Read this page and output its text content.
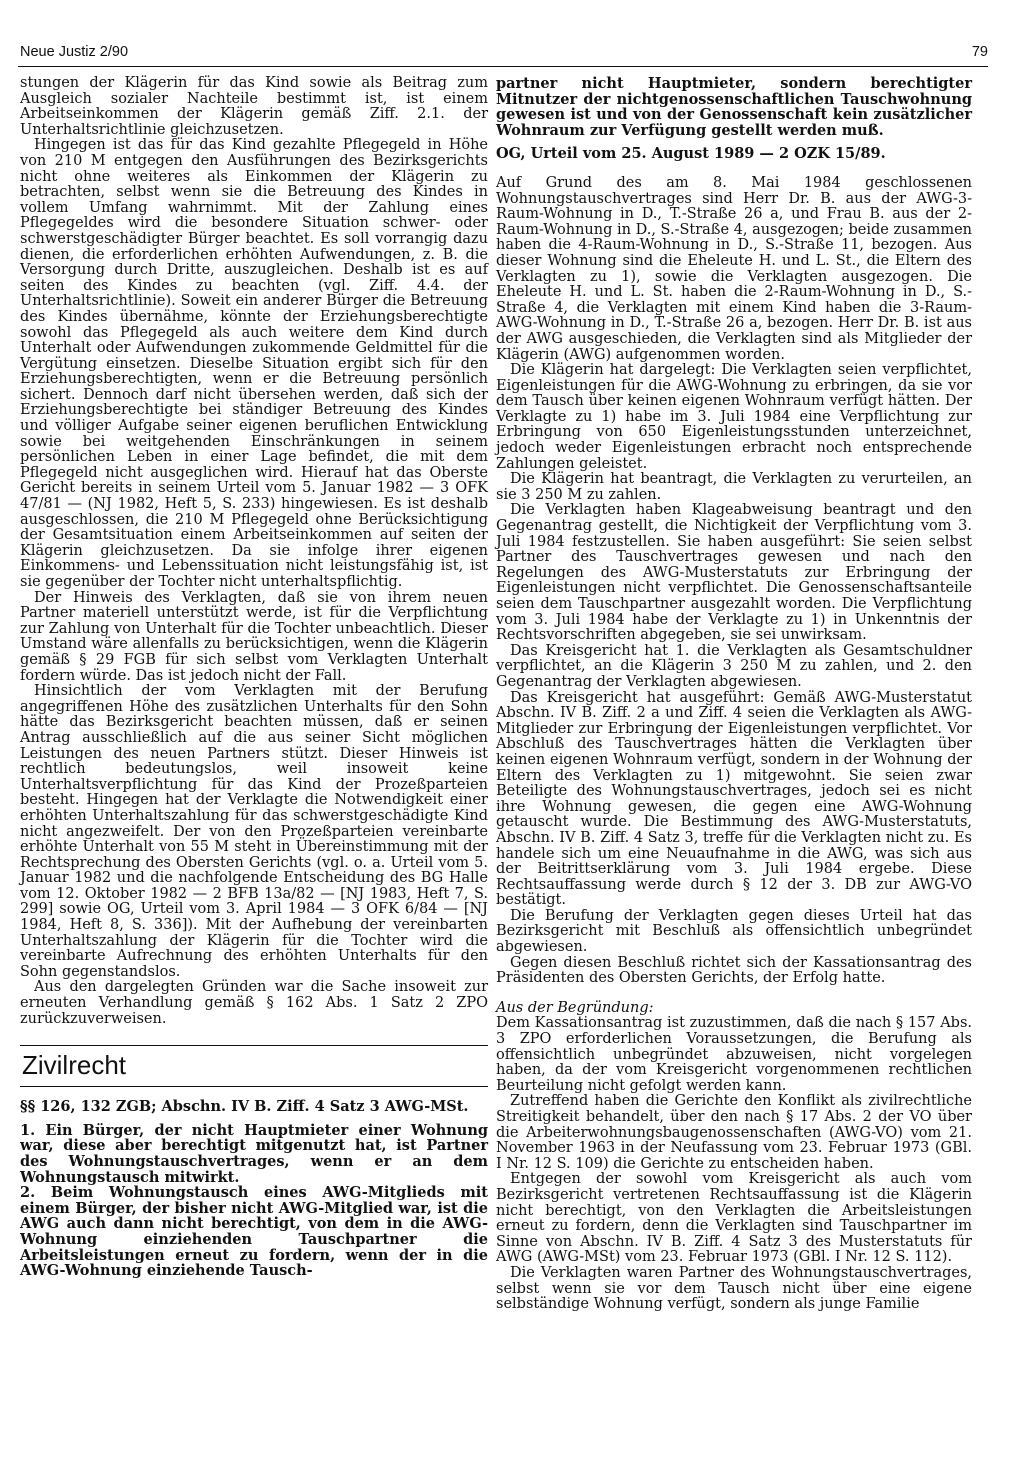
Neue Justiz 2/90	79

stungen der Klägerin für das Kind sowie als Beitrag zum Ausgleich sozialer Nachteile bestimmt ist, ist einem Arbeitseinkommen der Klägerin gemäß Ziff. 2.1. der Unterhaltsrichtlinie gleichzusetzen.

Hingegen ist das für das Kind gezahlte Pflegegeld in Höhe von 210 M entgegen den Ausführungen des Bezirksgerichts nicht ohne weiteres als Einkommen der Klägerin zu betrachten, selbst wenn sie die Betreuung des Kindes in vollem Umfang wahrnimmt. Mit der Zahlung eines Pflegegeldes wird die besondere Situation schwer- oder schwerstgeschädigter Bürger beachtet. Es soll vorrangig dazu dienen, die erforderlichen erhöhten Aufwendungen, z. B. die Versorgung durch Dritte, auszugleichen. Deshalb ist es auf seiten des Kindes zu beachten (vgl. Ziff. 4.4. der Unterhaltsrichtlinie). Soweit ein anderer Bürger die Betreuung des Kindes übernähme, könnte der Erziehungsberechtigte sowohl das Pflegegeld als auch weitere dem Kind durch Unterhalt oder Aufwendungen zukommende Geldmittel für die Vergütung einsetzen. Dieselbe Situation ergibt sich für den Erziehungsberechtigten, wenn er die Betreuung persönlich sichert. Dennoch darf nicht übersehen werden, daß sich der Erziehungsberechtigte bei ständiger Betreuung des Kindes und völliger Aufgabe seiner eigenen beruflichen Entwicklung sowie bei weitgehenden Einschränkungen in seinem persönlichen Leben in einer Lage befindet, die mit dem Pflegegeld nicht ausgeglichen wird. Hierauf hat das Oberste Gericht bereits in seinem Urteil vom 5. Januar 1982 — 3 OFK 47/81 — (NJ 1982, Heft 5, S. 233) hingewiesen. Es ist deshalb ausgeschlossen, die 210 M Pflegegeld ohne Berücksichtigung der Gesamtsituation einem Arbeitseinkommen auf seiten der Klägerin gleichzusetzen. Da sie infolge ihrer eigenen Einkommens- und Lebenssituation nicht leistungsfähig ist, ist sie gegenüber der Tochter nicht unterhaltspflichtig.

Der Hinweis des Verklagten, daß sie von ihrem neuen Partner materiell unterstützt werde, ist für die Verpflichtung zur Zahlung von Unterhalt für die Tochter unbeachtlich. Dieser Umstand wäre allenfalls zu berücksichtigen, wenn die Klägerin gemäß § 29 FGB für sich selbst vom Verklagten Unterhalt fordern würde. Das ist jedoch nicht der Fall.

Hinsichtlich der vom Verklagten mit der Berufung angegriffenen Höhe des zusätzlichen Unterhalts für den Sohn hätte das Bezirksgericht beachten müssen, daß er seinen Antrag ausschließlich auf die aus seiner Sicht möglichen Leistungen des neuen Partners stützt. Dieser Hinweis ist rechtlich bedeutungslos, weil insoweit keine Unterhaltsverpflichtung für das Kind der Prozeßparteien besteht. Hingegen hat der Verklagte die Notwendigkeit einer erhöhten Unterhaltszahlung für das schwerstgeschädigte Kind nicht angezweifelt. Der von den Prozeßparteien vereinbarte erhöhte Unterhalt von 55 M steht in Übereinstimmung mit der Rechtsprechung des Obersten Gerichts (vgl. o. a. Urteil vom 5. Januar 1982 und die nachfolgende Entscheidung des BG Halle vom 12. Oktober 1982 — 2 BFB 13a/82 — [NJ 1983, Heft 7, S. 299] sowie OG, Urteil vom 3. April 1984 — 3 OFK 6/84 — [NJ 1984, Heft 8, S. 336]). Mit der Aufhebung der vereinbarten Unterhaltszahlung der Klägerin für die Tochter wird die vereinbarte Aufrechnung des erhöhten Unterhalts für den Sohn gegenstandslos.

Aus den dargelegten Gründen war die Sache insoweit zur erneuten Verhandlung gemäß § 162 Abs. 1 Satz 2 ZPO zurückzuverweisen.

Zivilrecht

§§ 126, 132 ZGB; Abschn. IV B. Ziff. 4 Satz 3 AWG-MSt.

1. Ein Bürger, der nicht Hauptmieter einer Wohnung war, diese aber berechtigt mitgenutzt hat, ist Partner des Wohnungstauschvertrages, wenn er an dem Wohnungstausch mitwirkt.

2. Beim Wohnungstausch eines AWG-Mitglieds mit einem Bürger, der bisher nicht AWG-Mitglied war, ist die AWG auch dann nicht berechtigt, von dem in die AWG-Wohnung einziehenden Tauschpartner die Arbeitsleistungen erneut zu fordern, wenn der in die AWG-Wohnung einziehende Tausch-

partner nicht Hauptmieter, sondern berechtigter Mitnutzer der nichtgenossenschaftlichen Tauschwohnung gewesen ist und von der Genossenschaft kein zusätzlicher Wohnraum zur Verfügung gestellt werden muß.

OG, Urteil vom 25. August 1989 — 2 OZK 15/89.

Auf Grund des am 8. Mai 1984 geschlossenen Wohnungstauschvertrages sind Herr Dr. B. aus der AWG-3-Raum-Wohnung in D., T.-Straße 26 a, und Frau B. aus der 2-Raum-Wohnung in D., S.-Straße 4, ausgezogen; beide zusammen haben die 4-Raum-Wohnung in D., S.-Straße 11, bezogen. Aus dieser Wohnung sind die Eheleute H. und L. St., die Eltern des Verklagten zu 1), sowie die Verklagten ausgezogen. Die Eheleute H. und L. St. haben die 2-Raum-Wohnung in D., S.-Straße 4, die Verklagten mit einem Kind haben die 3-Raum-AWG-Wohnung in D., T.-Straße 26 a, bezogen. Herr Dr. B. ist aus der AWG ausgeschieden, die Verklagten sind als Mitglieder der Klägerin (AWG) aufgenommen worden.

Die Klägerin hat dargelegt: Die Verklagten seien verpflichtet, Eigenleistungen für die AWG-Wohnung zu erbringen, da sie vor dem Tausch über keinen eigenen Wohnraum verfügt hätten. Der Verklagte zu 1) habe im 3. Juli 1984 eine Verpflichtung zur Erbringung von 650 Eigenleistungsstunden unterzeichnet, jedoch weder Eigenleistungen erbracht noch entsprechende Zahlungen geleistet.

Die Klägerin hat beantragt, die Verklagten zu verurteilen, an sie 3 250 M zu zahlen.

Die Verklagten haben Klageabweisung beantragt und den Gegenantrag gestellt, die Nichtigkeit der Verpflichtung vom 3. Juli 1984 festzustellen. Sie haben ausgeführt: Sie seien selbst Partner des Tauschvertrages gewesen und nach den Regelungen des AWG-Musterstatuts zur Erbringung der Eigenleistungen nicht verpflichtet. Die Genossenschaftsanteile seien dem Tauschpartner ausgezahlt worden. Die Verpflichtung vom 3. Juli 1984 habe der Verklagte zu 1) in Unkenntnis der Rechtsvorschriften abgegeben, sie sei unwirksam.

Das Kreisgericht hat 1. die Verklagten als Gesamtschuldner verpflichtet, an die Klägerin 3 250 M zu zahlen, und 2. den Gegenantrag der Verklagten abgewiesen.

Das Kreisgericht hat ausgeführt: Gemäß AWG-Musterstatut Abschn. IV B. Ziff. 2 a und Ziff. 4 seien die Verklagten als AWG-Mitglieder zur Erbringung der Eigenleistungen verpflichtet. Vor Abschluß des Tauschvertrages hätten die Verklagten über keinen eigenen Wohnraum verfügt, sondern in der Wohnung der Eltern des Verklagten zu 1) mitgewohnt. Sie seien zwar Beteiligte des Wohnungstauschvertrages, jedoch sei es nicht ihre Wohnung gewesen, die gegen eine AWG-Wohnung getauscht wurde. Die Bestimmung des AWG-Musterstatuts, Abschn. IV B. Ziff. 4 Satz 3, treffe für die Verklagten nicht zu. Es handele sich um eine Neuaufnahme in die AWG, was sich aus der Beitrittserklärung vom 3. Juli 1984 ergebe. Diese Rechtsauffassung werde durch § 12 der 3. DB zur AWG-VO bestätigt.

Die Berufung der Verklagten gegen dieses Urteil hat das Bezirksgericht mit Beschluß als offensichtlich unbegründet abgewiesen.

Gegen diesen Beschluß richtet sich der Kassationsantrag des Präsidenten des Obersten Gerichts, der Erfolg hatte.

Aus der Begründung:

Dem Kassationsantrag ist zuzustimmen, daß die nach § 157 Abs. 3 ZPO erforderlichen Voraussetzungen, die Berufung als offensichtlich unbegründet abzuweisen, nicht vorgelegen haben, da der vom Kreisgericht vorgenommenen rechtlichen Beurteilung nicht gefolgt werden kann.

Zutreffend haben die Gerichte den Konflikt als zivilrechtliche Streitigkeit behandelt, über den nach § 17 Abs. 2 der VO über die Arbeiterwohnungsbaugenossenschaften (AWG-VO) vom 21. November 1963 in der Neufassung vom 23. Februar 1973 (GBl. I Nr. 12 S. 109) die Gerichte zu entscheiden haben.

Entgegen der sowohl vom Kreisgericht als auch vom Bezirksgericht vertretenen Rechtsauffassung ist die Klägerin nicht berechtigt, von den Verklagten die Arbeitsleistungen erneut zu fordern, denn die Verklagten sind Tauschpartner im Sinne von Abschn. IV B. Ziff. 4 Satz 3 des Musterstatuts für AWG (AWG-MSt) vom 23. Februar 1973 (GBl. I Nr. 12 S. 112).

Die Verklagten waren Partner des Wohnungstauschvertrages, selbst wenn sie vor dem Tausch nicht über eine eigene selbständige Wohnung verfügt, sondern als junge Familie
